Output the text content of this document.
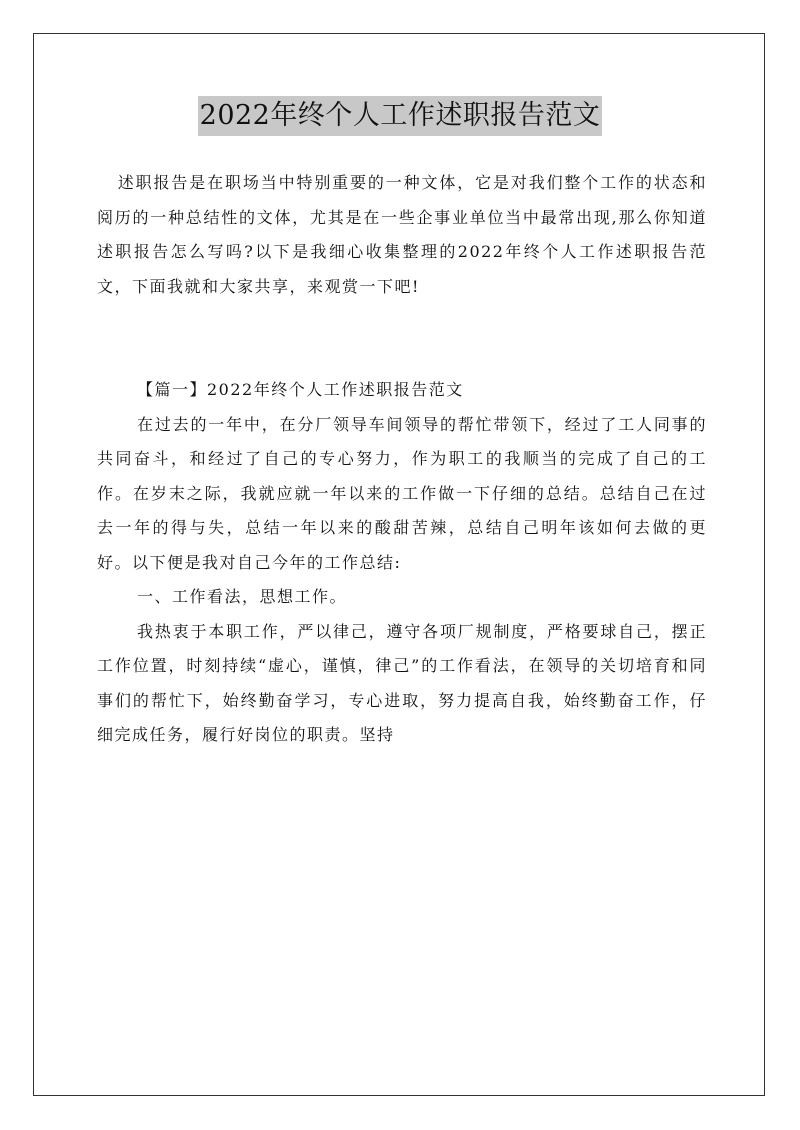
2022年终个人工作述职报告范文

述职报告是在职场当中特别重要的一种文体，它是对我们整个工作的状态和阅历的一种总结性的文体，尤其是在一些企事业单位当中最常出现,那么你知道述职报告怎么写吗?以下是我细心收集整理的2022年终个人工作述职报告范文，下面我就和大家共享，来观赏一下吧!

【篇一】2022年终个人工作述职报告范文

在过去的一年中，在分厂领导车间领导的帮忙带领下，经过了工人同事的共同奋斗，和经过了自己的专心努力，作为职工的我顺当的完成了自己的工作。在岁末之际，我就应就一年以来的工作做一下仔细的总结。总结自己在过去一年的得与失，总结一年以来的酸甜苦辣，总结自己明年该如何去做的更好。以下便是我对自己今年的工作总结:

一、工作看法，思想工作。

我热衷于本职工作，严以律己，遵守各项厂规制度，严格要球自己，摆正工作位置，时刻持续“虚心，谨慎，律己”的工作看法，在领导的关切培育和同事们的帮忙下，始终勤奋学习，专心进取，努力提高自我，始终勤奋工作，仔细完成任务，履行好岗位的职责。坚持
